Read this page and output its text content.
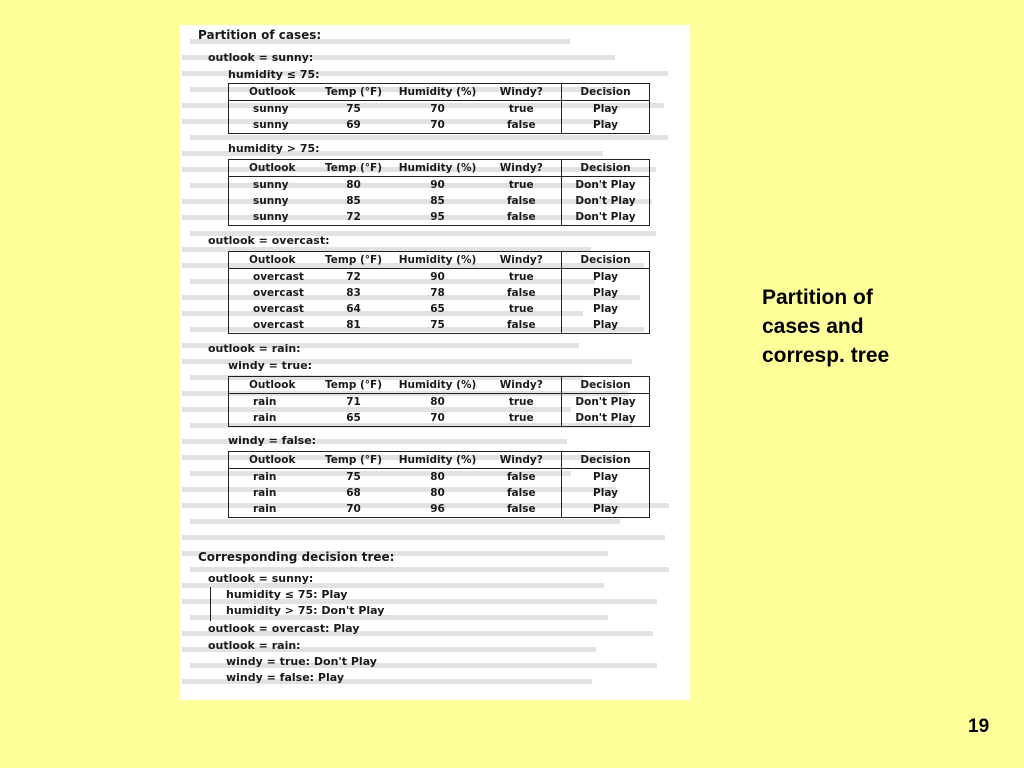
Partition of cases:
outlook = sunny:
humidity ≤ 75:
Outlook	Temp (°F)	Humidity (%)	Windy?	Decision
sunny	75	70	true	Play
sunny	69	70	false	Play
humidity > 75:
Outlook	Temp (°F)	Humidity (%)	Windy?	Decision
sunny	80	90	true	Don't Play
sunny	85	85	false	Don't Play
sunny	72	95	false	Don't Play
outlook = overcast:
Outlook	Temp (°F)	Humidity (%)	Windy?	Decision
overcast	72	90	true	Play
overcast	83	78	false	Play
overcast	64	65	true	Play
overcast	81	75	false	Play
outlook = rain:
windy = true:
Outlook	Temp (°F)	Humidity (%)	Windy?	Decision
rain	71	80	true	Don't Play
rain	65	70	true	Don't Play
windy = false:
Outlook	Temp (°F)	Humidity (%)	Windy?	Decision
rain	75	80	false	Play
rain	68	80	false	Play
rain	70	96	false	Play
Corresponding decision tree:
outlook = sunny:
humidity ≤ 75: Play
humidity > 75: Don't Play
outlook = overcast: Play
outlook = rain:
windy = true: Don't Play
windy = false: Play
Partition of
cases and
corresp. tree
19
